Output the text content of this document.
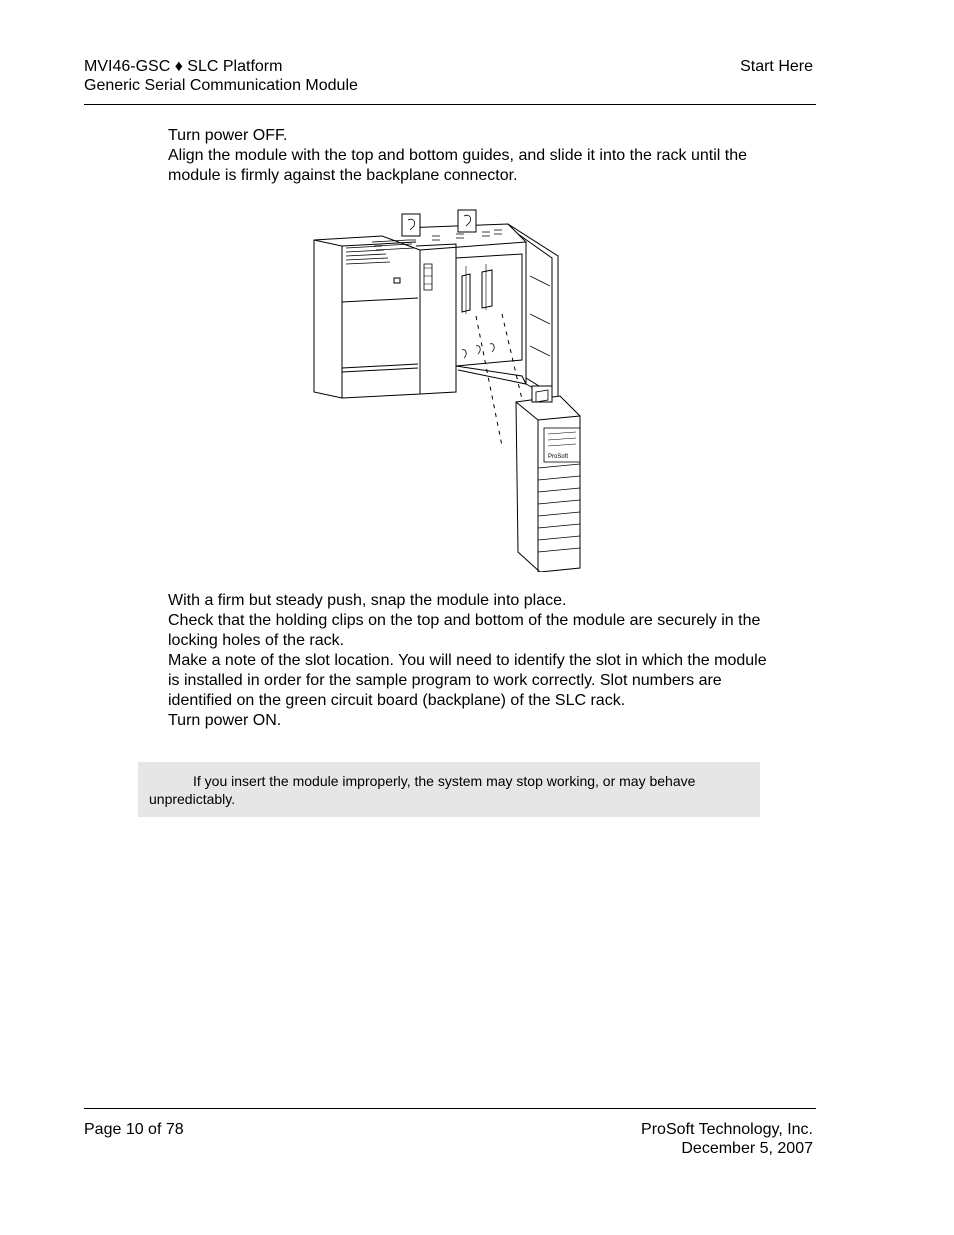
MVI46-GSC ♦ SLC Platform
Generic Serial Communication Module
Start Here
Turn power OFF.
Align the module with the top and bottom guides, and slide it into the rack until the module is firmly against the backplane connector.
ProSoft
With a firm but steady push, snap the module into place.
Check that the holding clips on the top and bottom of the module are securely in the locking holes of the rack.
Make a note of the slot location. You will need to identify the slot in which the module is installed in order for the sample program to work correctly. Slot numbers are identified on the green circuit board (backplane) of the SLC rack.
Turn power ON.
If you insert the module improperly, the system may stop working, or may behave unpredictably.
Page 10 of 78	ProSoft Technology, Inc.
December 5, 2007
